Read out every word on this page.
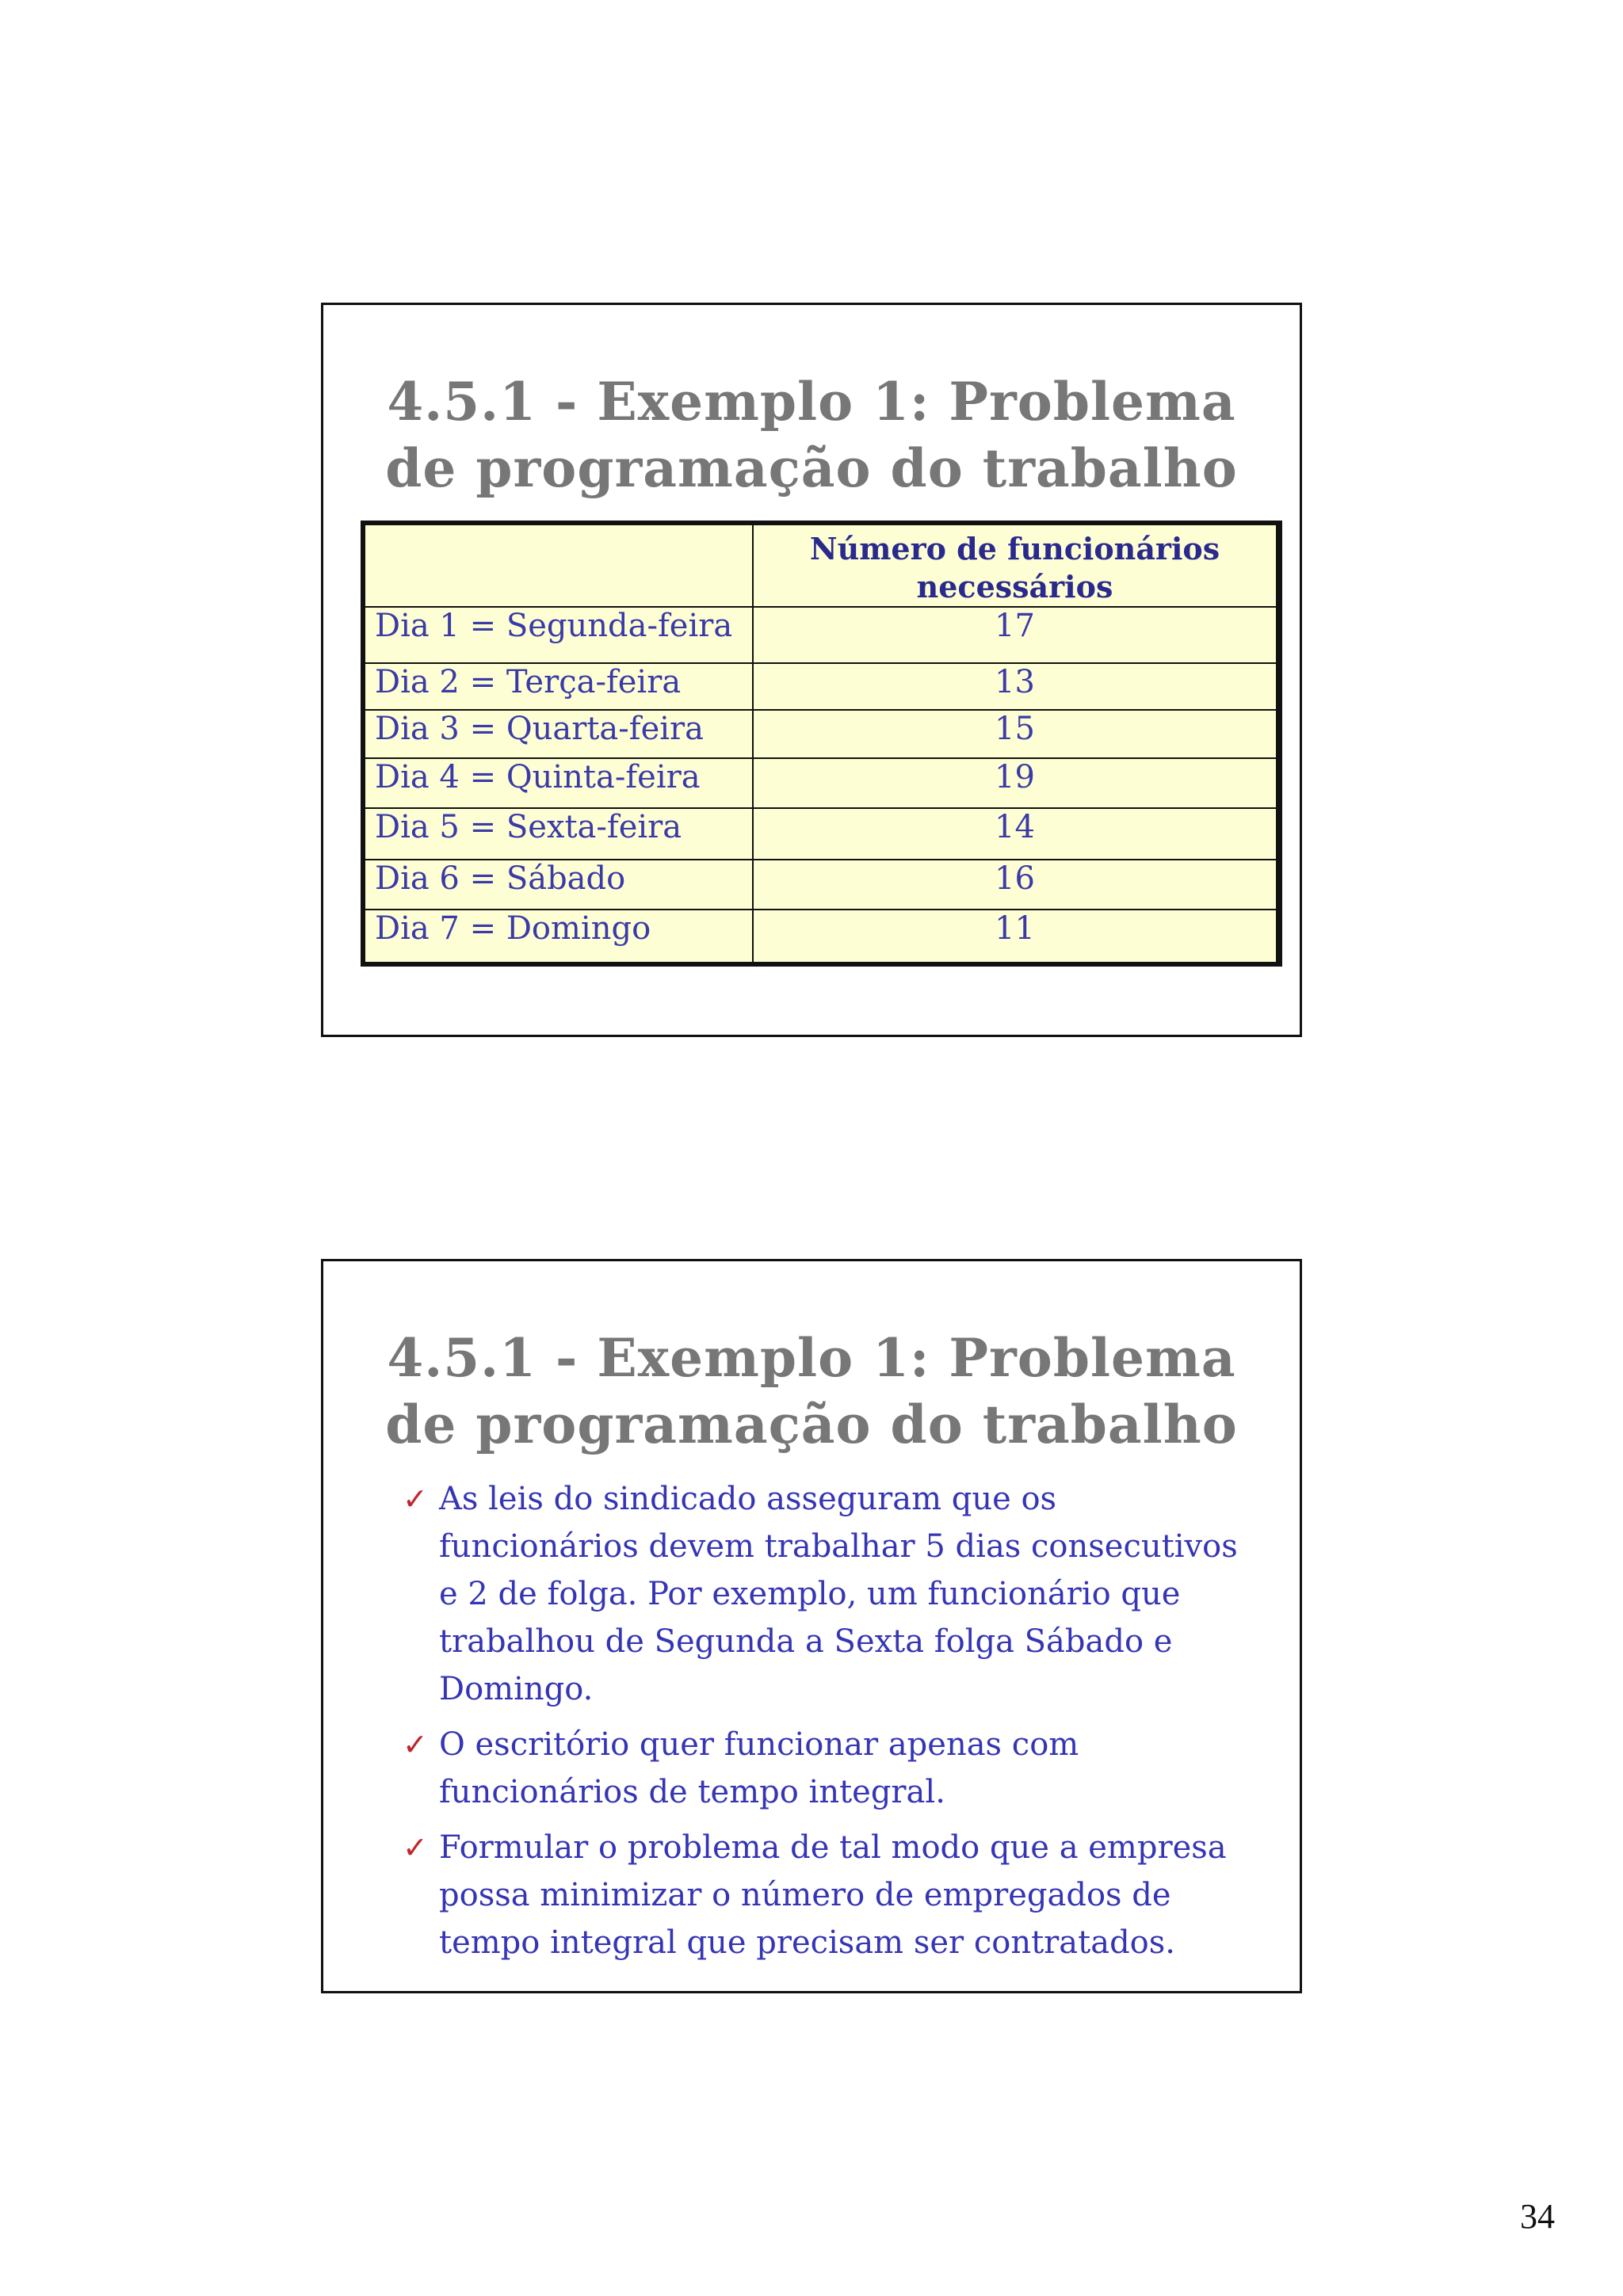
4.5.1 - Exemplo 1: Problema
de programação do trabalho
	Número de funcionários necessários
Dia 1 = Segunda-feira	17
Dia 2 = Terça-feira	13
Dia 3 = Quarta-feira	15
Dia 4 = Quinta-feira	19
Dia 5 = Sexta-feira	14
Dia 6 = Sábado	16
Dia 7 = Domingo	11
4.5.1 - Exemplo 1: Problema
de programação do trabalho
✓ As leis do sindicado asseguram que os funcionários devem trabalhar 5 dias consecutivos e 2 de folga. Por exemplo, um funcionário que trabalhou de Segunda a Sexta folga Sábado e Domingo.
✓ O escritório quer funcionar apenas com funcionários de tempo integral.
✓ Formular o problema de tal modo que a empresa possa minimizar o número de empregados de tempo integral que precisam ser contratados.
34
